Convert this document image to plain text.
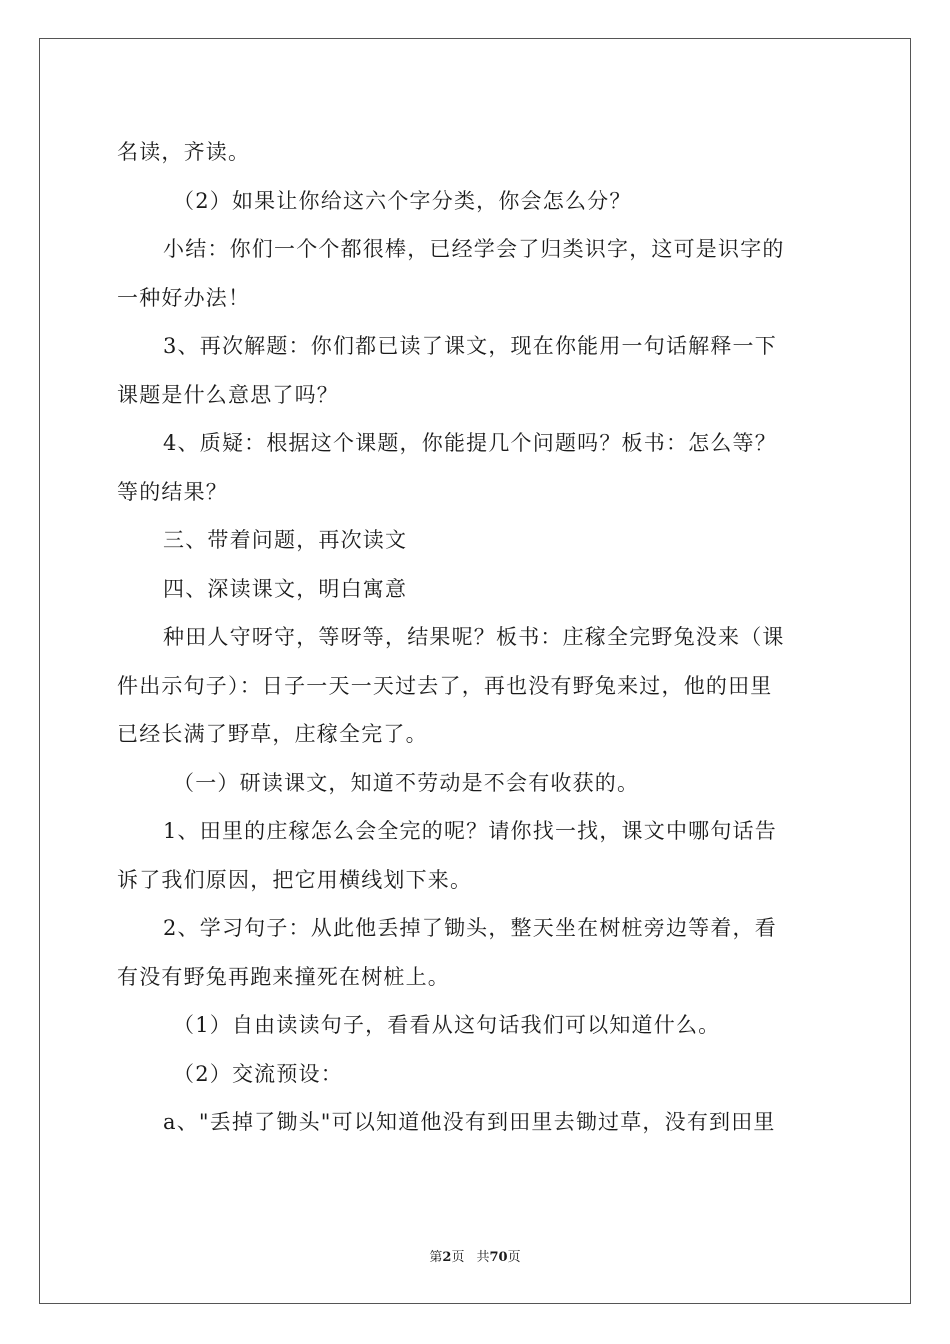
名读，齐读。

（2）如果让你给这六个字分类，你会怎么分？

小结：你们一个个都很棒，已经学会了归类识字，这可是识字的

一种好办法！

3、再次解题：你们都已读了课文，现在你能用一句话解释一下

课题是什么意思了吗？

4、质疑：根据这个课题，你能提几个问题吗？板书：怎么等？

等的结果？

三、带着问题，再次读文

四、深读课文，明白寓意

种田人守呀守，等呀等，结果呢？板书：庄稼全完野兔没来（课

件出示句子）：日子一天一天过去了，再也没有野兔来过，他的田里

已经长满了野草，庄稼全完了。

（一）研读课文，知道不劳动是不会有收获的。

1、田里的庄稼怎么会全完的呢？请你找一找，课文中哪句话告

诉了我们原因，把它用横线划下来。

2、学习句子：从此他丢掉了锄头，整天坐在树桩旁边等着，看

有没有野兔再跑来撞死在树桩上。

（1）自由读读句子，看看从这句话我们可以知道什么。

（2）交流预设：

a、"丢掉了锄头"可以知道他没有到田里去锄过草，没有到田里

第2页 共70页
